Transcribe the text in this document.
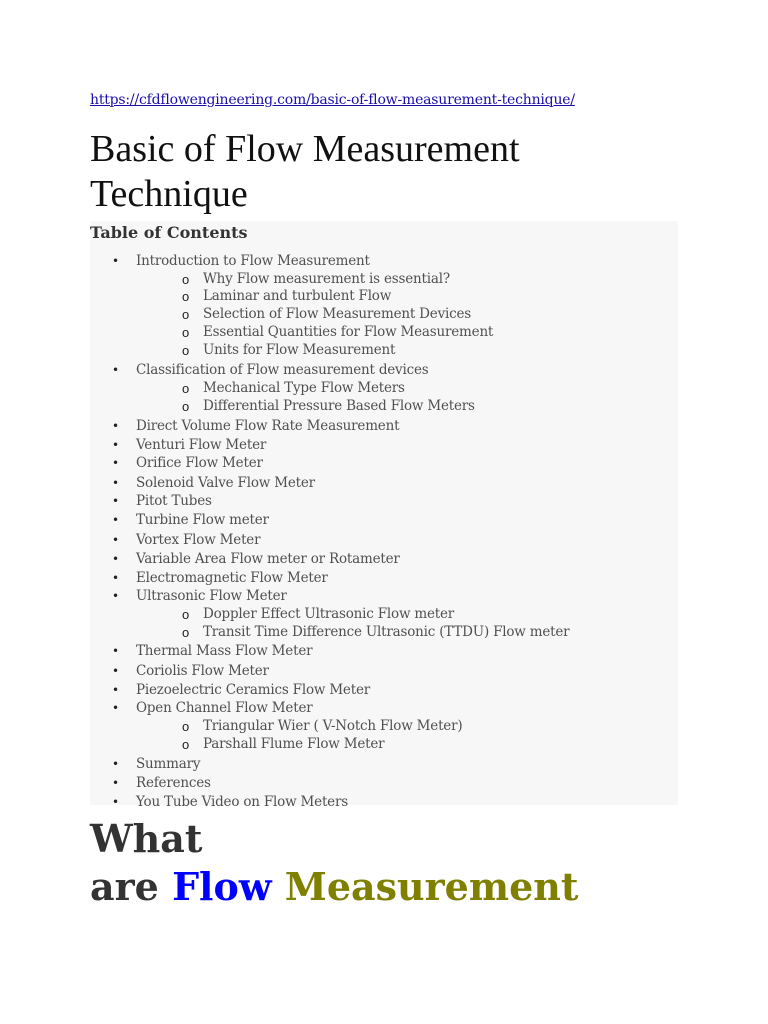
https://cfdflowengineering.com/basic-of-flow-measurement-technique/
Basic of Flow Measurement
Technique
Table of Contents
• Introduction to Flow Measurement
o Why Flow measurement is essential?
o Laminar and turbulent Flow
o Selection of Flow Measurement Devices
o Essential Quantities for Flow Measurement
o Units for Flow Measurement
• Classification of Flow measurement devices
o Mechanical Type Flow Meters
o Differential Pressure Based Flow Meters
• Direct Volume Flow Rate Measurement
• Venturi Flow Meter
• Orifice Flow Meter
• Solenoid Valve Flow Meter
• Pitot Tubes
• Turbine Flow meter
• Vortex Flow Meter
• Variable Area Flow meter or Rotameter
• Electromagnetic Flow Meter
• Ultrasonic Flow Meter
o Doppler Effect Ultrasonic Flow meter
o Transit Time Difference Ultrasonic (TTDU) Flow meter
• Thermal Mass Flow Meter
• Coriolis Flow Meter
• Piezoelectric Ceramics Flow Meter
• Open Channel Flow Meter
o Triangular Wier ( V-Notch Flow Meter)
o Parshall Flume Flow Meter
• Summary
• References
• You Tube Video on Flow Meters
What
are Flow Measurement
